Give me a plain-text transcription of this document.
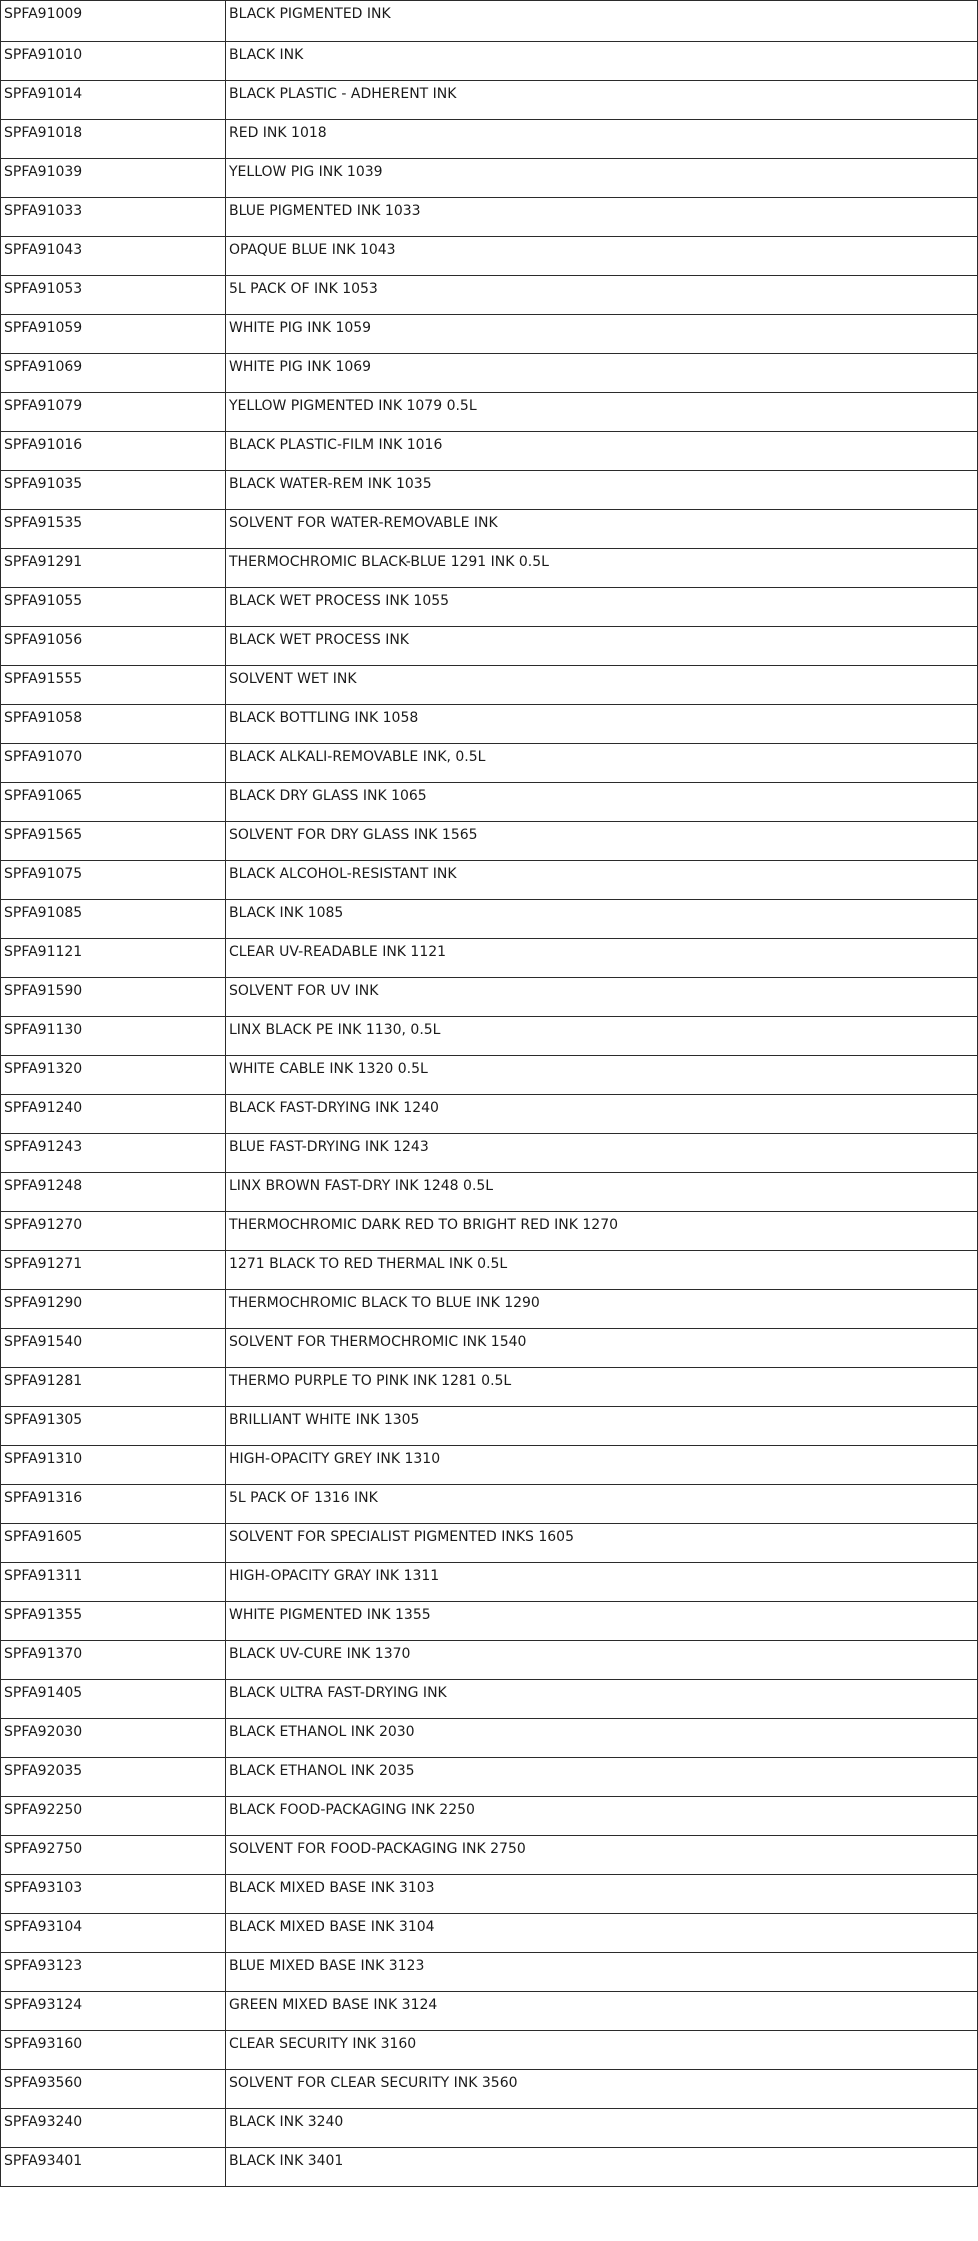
SPFA91009	BLACK PIGMENTED INK
SPFA91010	BLACK INK
SPFA91014	BLACK PLASTIC - ADHERENT INK
SPFA91018	RED INK 1018
SPFA91039	YELLOW PIG INK 1039
SPFA91033	BLUE PIGMENTED INK 1033
SPFA91043	OPAQUE BLUE INK 1043
SPFA91053	5L PACK OF INK 1053
SPFA91059	WHITE PIG INK 1059
SPFA91069	WHITE PIG INK 1069
SPFA91079	YELLOW PIGMENTED INK 1079 0.5L
SPFA91016	BLACK PLASTIC-FILM INK 1016
SPFA91035	BLACK WATER-REM INK 1035
SPFA91535	SOLVENT FOR WATER-REMOVABLE INK
SPFA91291	THERMOCHROMIC BLACK-BLUE 1291 INK 0.5L
SPFA91055	BLACK WET PROCESS INK 1055
SPFA91056	BLACK WET PROCESS INK
SPFA91555	SOLVENT WET INK
SPFA91058	BLACK BOTTLING INK 1058
SPFA91070	BLACK ALKALI-REMOVABLE INK, 0.5L
SPFA91065	BLACK DRY GLASS INK 1065
SPFA91565	SOLVENT FOR DRY GLASS INK 1565
SPFA91075	BLACK ALCOHOL-RESISTANT INK
SPFA91085	BLACK INK 1085
SPFA91121	CLEAR UV-READABLE INK 1121
SPFA91590	SOLVENT FOR UV INK
SPFA91130	LINX BLACK PE INK 1130, 0.5L
SPFA91320	WHITE CABLE INK 1320 0.5L
SPFA91240	BLACK FAST-DRYING INK 1240
SPFA91243	BLUE FAST-DRYING INK 1243
SPFA91248	LINX BROWN FAST-DRY INK 1248 0.5L
SPFA91270	THERMOCHROMIC DARK RED TO BRIGHT RED INK 1270
SPFA91271	1271 BLACK TO RED THERMAL INK 0.5L
SPFA91290	THERMOCHROMIC BLACK TO BLUE INK 1290
SPFA91540	SOLVENT FOR THERMOCHROMIC INK 1540
SPFA91281	THERMO PURPLE TO PINK INK 1281 0.5L
SPFA91305	BRILLIANT WHITE INK 1305
SPFA91310	HIGH-OPACITY GREY INK 1310
SPFA91316	5L PACK OF 1316 INK
SPFA91605	SOLVENT FOR SPECIALIST PIGMENTED INKS 1605
SPFA91311	HIGH-OPACITY GRAY INK 1311
SPFA91355	WHITE PIGMENTED INK 1355
SPFA91370	BLACK UV-CURE INK 1370
SPFA91405	BLACK ULTRA FAST-DRYING INK
SPFA92030	BLACK ETHANOL INK 2030
SPFA92035	BLACK ETHANOL INK 2035
SPFA92250	BLACK FOOD-PACKAGING INK 2250
SPFA92750	SOLVENT FOR FOOD-PACKAGING INK 2750
SPFA93103	BLACK MIXED BASE INK 3103
SPFA93104	BLACK MIXED BASE INK 3104
SPFA93123	BLUE MIXED BASE INK 3123
SPFA93124	GREEN MIXED BASE INK 3124
SPFA93160	CLEAR SECURITY INK 3160
SPFA93560	SOLVENT FOR CLEAR SECURITY INK 3560
SPFA93240	BLACK INK 3240
SPFA93401	BLACK INK 3401
